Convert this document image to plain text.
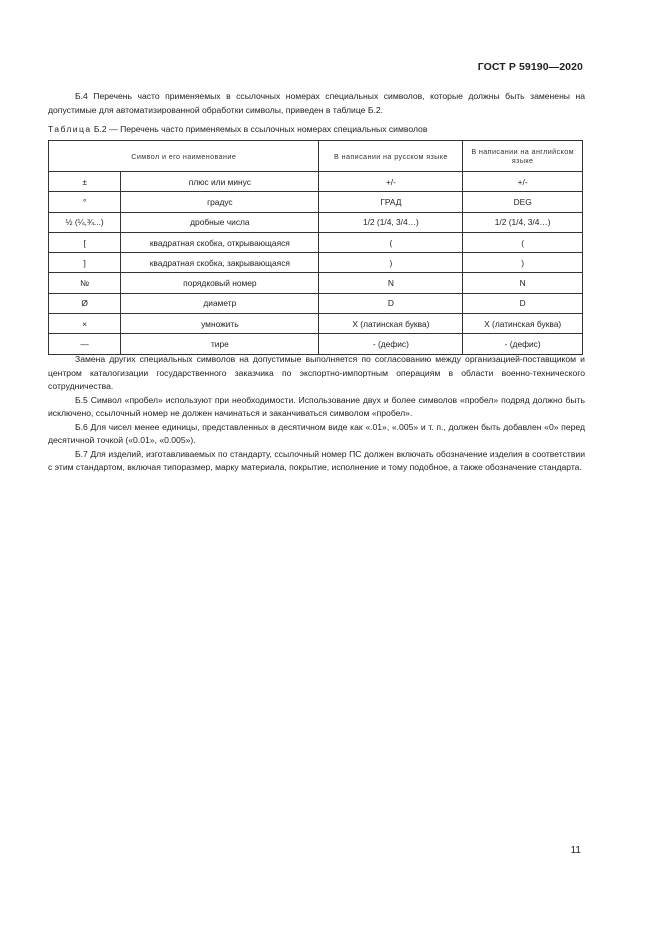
ГОСТ Р 59190—2020

Б.4 Перечень часто применяемых в ссылочных номерах специальных символов, которые должны быть заменены на допустимые для автоматизированной обработки символы, приведен в таблице Б.2.

Таблица Б.2 — Перечень часто применяемых в ссылочных номерах специальных символов
Символ и его наименование		В написании на русском языке	В написании на английском языке
±	плюс или минус	+/-	+/-
°	градус	ГРАД	DEG
½ (¼,¾...)	дробные числа	1/2 (1/4, 3/4…)	1/2 (1/4, 3/4…)
[	квадратная скобка, открывающаяся	(	(
]	квадратная скобка, закрывающаяся	)	)
№	порядковый номер	N	N
Ø	диаметр	D	D
×	умножить	X (латинская буква)	X (латинская буква)
—	тире	- (дефис)	- (дефис)

Замена других специальных символов на допустимые выполняется по согласованию между организацией-поставщиком и центром каталогизации государственного заказчика по экспортно-импортным операциям в области военно-технического сотрудничества.

Б.5 Символ «пробел» используют при необходимости. Использование двух и более символов «пробел» подряд должно быть исключено, ссылочный номер не должен начинаться и заканчиваться символом «пробел».

Б.6 Для чисел менее единицы, представленных в десятичном виде как «.01», «.005» и т. п., должен быть добавлен «0» перед десятичной точкой («0.01», «0.005»).

Б.7 Для изделий, изготавливаемых по стандарту, ссылочный номер ПС должен включать обозначение изделия в соответствии с этим стандартом, включая типоразмер, марку материала, покрытие, исполнение и тому подобное, а также обозначение стандарта.

11
